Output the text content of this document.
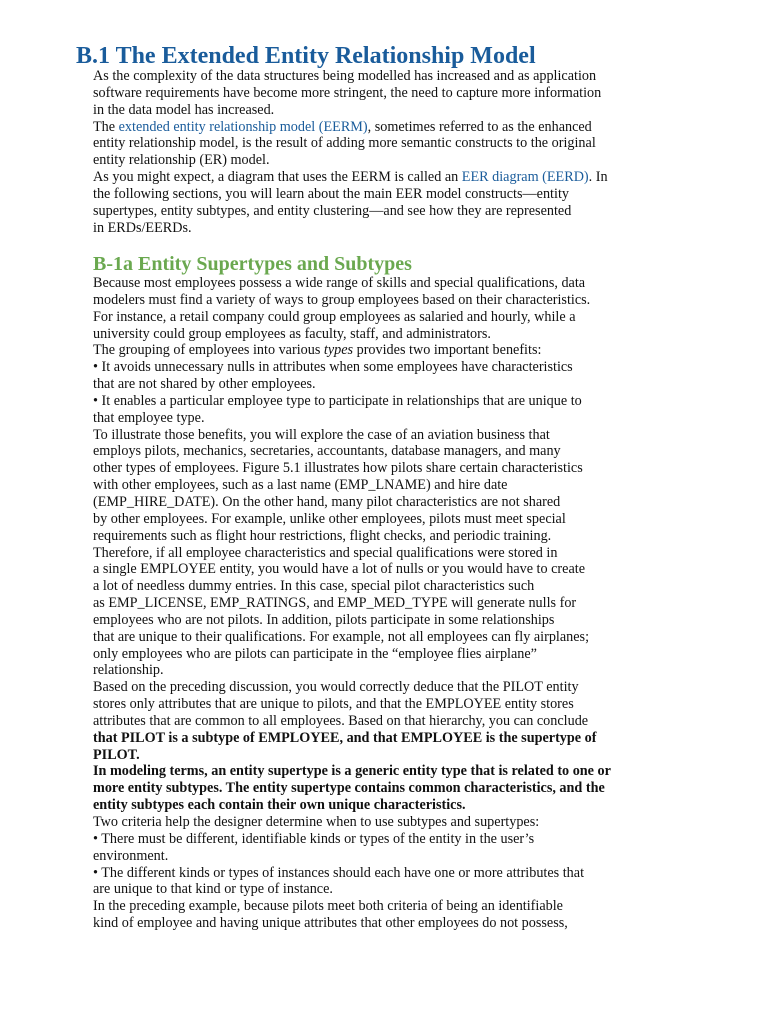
B.1 The Extended Entity Relationship Model
As the complexity of the data structures being modelled has increased and as application
software requirements have become more stringent, the need to capture more information
in the data model has increased.
The extended entity relationship model (EERM), sometimes referred to as the enhanced
entity relationship model, is the result of adding more semantic constructs to the original
entity relationship (ER) model.
As you might expect, a diagram that uses the EERM is called an EER diagram (EERD). In
the following sections, you will learn about the main EER model constructs—entity
supertypes, entity subtypes, and entity clustering—and see how they are represented
in ERDs/EERDs.
B-1a Entity Supertypes and Subtypes
Because most employees possess a wide range of skills and special qualifications, data
modelers must find a variety of ways to group employees based on their characteristics.
For instance, a retail company could group employees as salaried and hourly, while a
university could group employees as faculty, staff, and administrators.
The grouping of employees into various types provides two important benefits:
• It avoids unnecessary nulls in attributes when some employees have characteristics
that are not shared by other employees.
• It enables a particular employee type to participate in relationships that are unique to
that employee type.
To illustrate those benefits, you will explore the case of an aviation business that
employs pilots, mechanics, secretaries, accountants, database managers, and many
other types of employees. Figure 5.1 illustrates how pilots share certain characteristics
with other employees, such as a last name (EMP_LNAME) and hire date
(EMP_HIRE_DATE). On the other hand, many pilot characteristics are not shared
by other employees. For example, unlike other employees, pilots must meet special
requirements such as flight hour restrictions, flight checks, and periodic training.
Therefore, if all employee characteristics and special qualifications were stored in
a single EMPLOYEE entity, you would have a lot of nulls or you would have to create
a lot of needless dummy entries. In this case, special pilot characteristics such
as EMP_LICENSE, EMP_RATINGS, and EMP_MED_TYPE will generate nulls for
employees who are not pilots. In addition, pilots participate in some relationships
that are unique to their qualifications. For example, not all employees can fly airplanes;
only employees who are pilots can participate in the “employee flies airplane”
relationship.
Based on the preceding discussion, you would correctly deduce that the PILOT entity
stores only attributes that are unique to pilots, and that the EMPLOYEE entity stores
attributes that are common to all employees. Based on that hierarchy, you can conclude
that PILOT is a subtype of EMPLOYEE, and that EMPLOYEE is the supertype of
PILOT.
In modeling terms, an entity supertype is a generic entity type that is related to one or
more entity subtypes. The entity supertype contains common characteristics, and the
entity subtypes each contain their own unique characteristics.
Two criteria help the designer determine when to use subtypes and supertypes:
• There must be different, identifiable kinds or types of the entity in the user’s
environment.
• The different kinds or types of instances should each have one or more attributes that
are unique to that kind or type of instance.
In the preceding example, because pilots meet both criteria of being an identifiable
kind of employee and having unique attributes that other employees do not possess,
